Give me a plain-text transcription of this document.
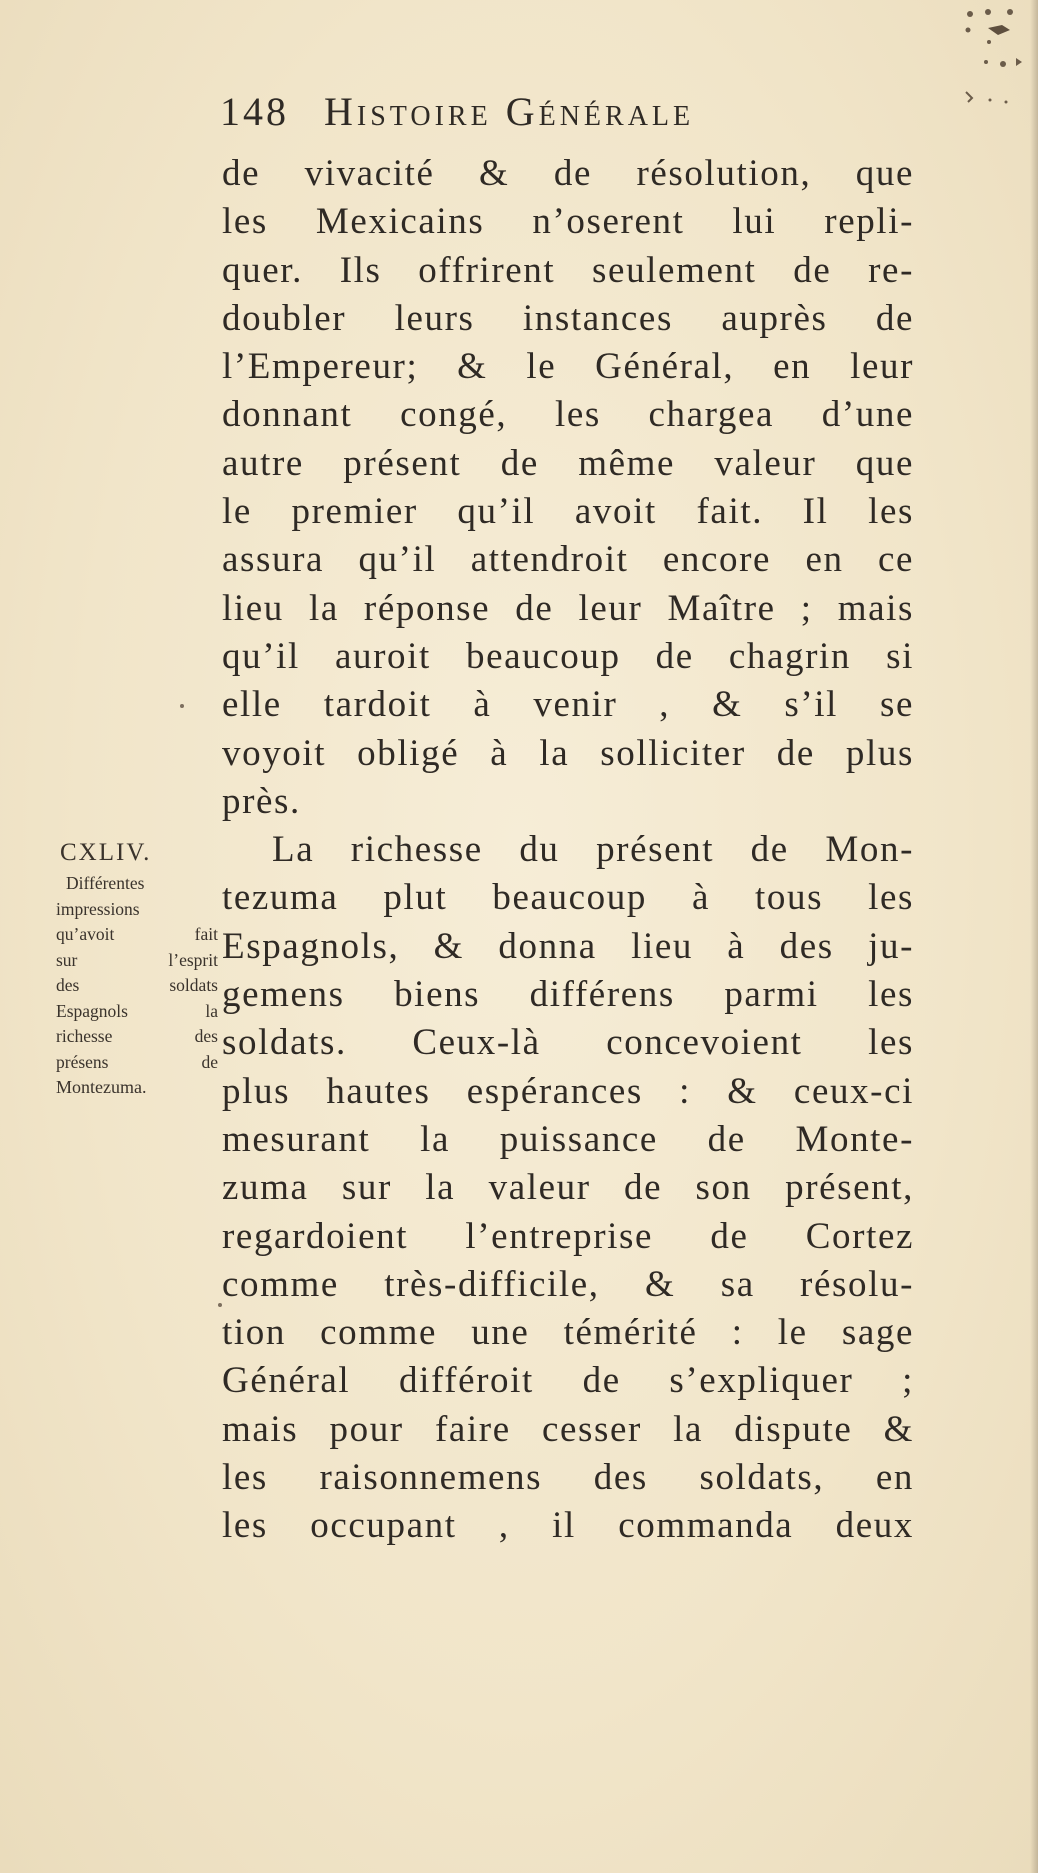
148 Histoire Générale
de vivacité & de résolution, que
les Mexicains n’oserent lui repli-
quer. Ils offrirent seulement de re-
doubler leurs instances auprès de
l’Empereur; & le Général, en leur
donnant congé, les chargea d’une
autre présent de même valeur que
le premier qu’il avoit fait. Il les
assura qu’il attendroit encore en ce
lieu la réponse de leur Maître ; mais
qu’il auroit beaucoup de chagrin si
elle tardoit à venir , & s’il se
voyoit obligé à la solliciter de plus
près.
La richesse du présent de Mon-
tezuma plut beaucoup à tous les
Espagnols, & donna lieu à des ju-
gemens biens différens parmi les
soldats. Ceux-là concevoient les
plus hautes espérances : & ceux-ci
mesurant la puissance de Monte-
zuma sur la valeur de son présent,
regardoient l’entreprise de Cortez
comme très-difficile, & sa résolu-
tion comme une témérité : le sage
Général différoit de s’expliquer ;
mais pour faire cesser la dispute &
les raisonnemens des soldats, en
les occupant , il commanda deux
CXLIV.
Différentes
impressions
qu’avoit fait
sur l’esprit
des soldats
Espagnols la
richesse des
présens de
Montezuma.
